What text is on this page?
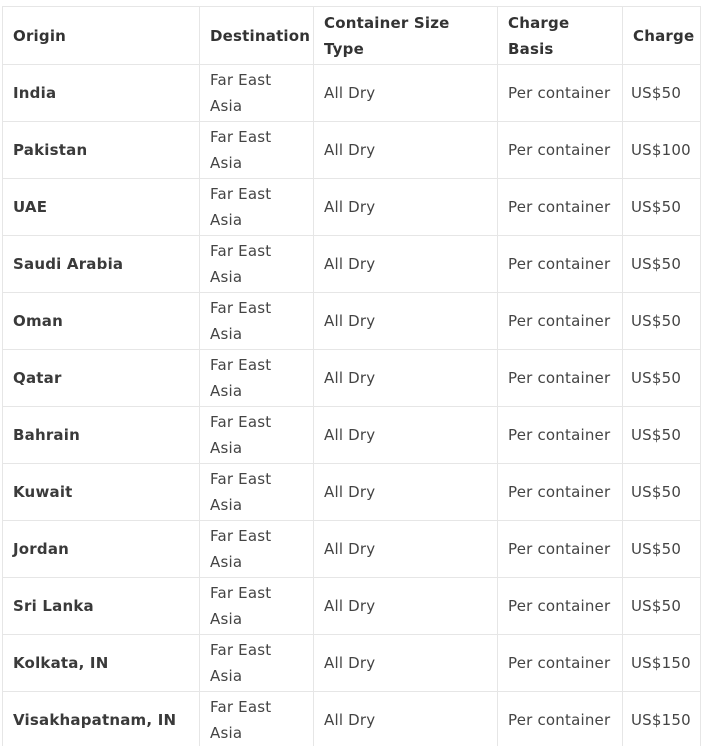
Origin	Destination	Container Size Type	Charge Basis	Charge
India	Far East Asia	All Dry	Per container	US$50
Pakistan	Far East Asia	All Dry	Per container	US$100
UAE	Far East Asia	All Dry	Per container	US$50
Saudi Arabia	Far East Asia	All Dry	Per container	US$50
Oman	Far East Asia	All Dry	Per container	US$50
Qatar	Far East Asia	All Dry	Per container	US$50
Bahrain	Far East Asia	All Dry	Per container	US$50
Kuwait	Far East Asia	All Dry	Per container	US$50
Jordan	Far East Asia	All Dry	Per container	US$50
Sri Lanka	Far East Asia	All Dry	Per container	US$50
Kolkata, IN	Far East Asia	All Dry	Per container	US$150
Visakhapatnam, IN	Far East Asia	All Dry	Per container	US$150
